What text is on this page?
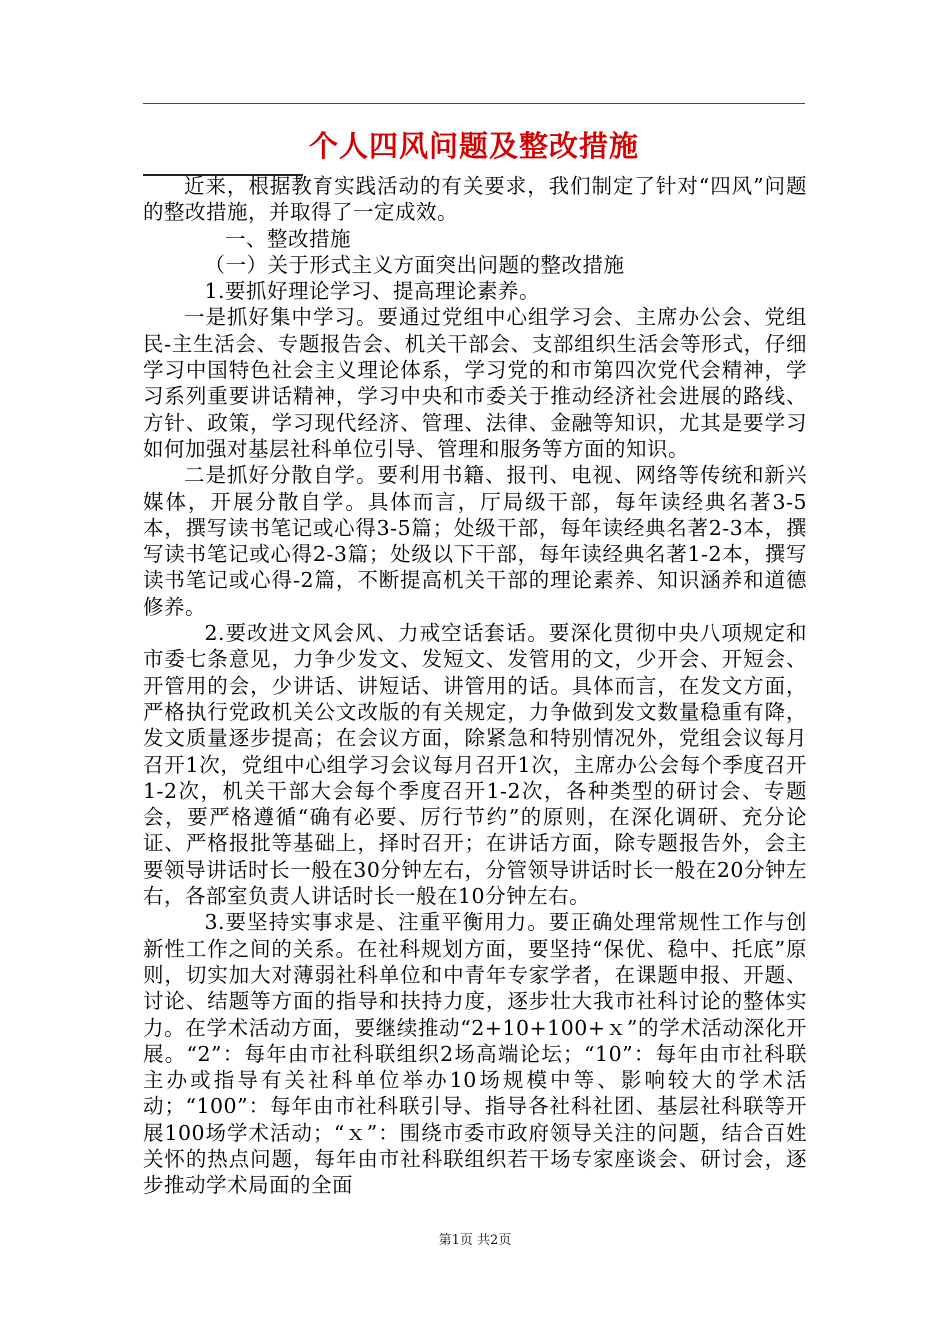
个人四风问题及整改措施

近来，根据教育实践活动的有关要求，我们制定了针对“四风”问题的整改措施，并取得了一定成效。

一、整改措施

（一）关于形式主义方面突出问题的整改措施

1.要抓好理论学习、提高理论素养。

一是抓好集中学习。要通过党组中心组学习会、主席办公会、党组民-主生活会、专题报告会、机关干部会、支部组织生活会等形式，仔细学习中国特色社会主义理论体系，学习党的和市第四次党代会精神，学习系列重要讲话精神，学习中央和市委关于推动经济社会进展的路线、方针、政策，学习现代经济、管理、法律、金融等知识，尤其是要学习如何加强对基层社科单位引导、管理和服务等方面的知识。

二是抓好分散自学。要利用书籍、报刊、电视、网络等传统和新兴媒体，开展分散自学。具体而言，厅局级干部，每年读经典名著3-5本，撰写读书笔记或心得3-5篇；处级干部，每年读经典名著2-3本，撰写读书笔记或心得2-3篇；处级以下干部，每年读经典名著1-2本，撰写读书笔记或心得-2篇，不断提高机关干部的理论素养、知识涵养和道德修养。

2.要改进文风会风、力戒空话套话。要深化贯彻中央八项规定和市委七条意见，力争少发文、发短文、发管用的文，少开会、开短会、开管用的会，少讲话、讲短话、讲管用的话。具体而言，在发文方面，严格执行党政机关公文改版的有关规定，力争做到发文数量稳重有降，发文质量逐步提高；在会议方面，除紧急和特别情况外，党组会议每月召开1次，党组中心组学习会议每月召开1次，主席办公会每个季度召开1-2次，机关干部大会每个季度召开1-2次，各种类型的研讨会、专题会，要严格遵循“确有必要、厉行节约”的原则，在深化调研、充分论证、严格报批等基础上，择时召开；在讲话方面，除专题报告外，会主要领导讲话时长一般在30分钟左右，分管领导讲话时长一般在20分钟左右，各部室负责人讲话时长一般在10分钟左右。

3.要坚持实事求是、注重平衡用力。要正确处理常规性工作与创新性工作之间的关系。在社科规划方面，要坚持“保优、稳中、托底”原则，切实加大对薄弱社科单位和中青年专家学者，在课题申报、开题、讨论、结题等方面的指导和扶持力度，逐步壮大我市社科讨论的整体实力。在学术活动方面，要继续推动“2+10+100+ｘ”的学术活动深化开展。“2”：每年由市社科联组织2场高端论坛；“10”：每年由市社科联主办或指导有关社科单位举办10场规模中等、影响较大的学术活动；“100”：每年由市社科联引导、指导各社科社团、基层社科联等开展100场学术活动；“ｘ”：围绕市委市政府领导关注的问题，结合百姓关怀的热点问题，每年由市社科联组织若干场专家座谈会、研讨会，逐步推动学术局面的全面

第1页 共2页
